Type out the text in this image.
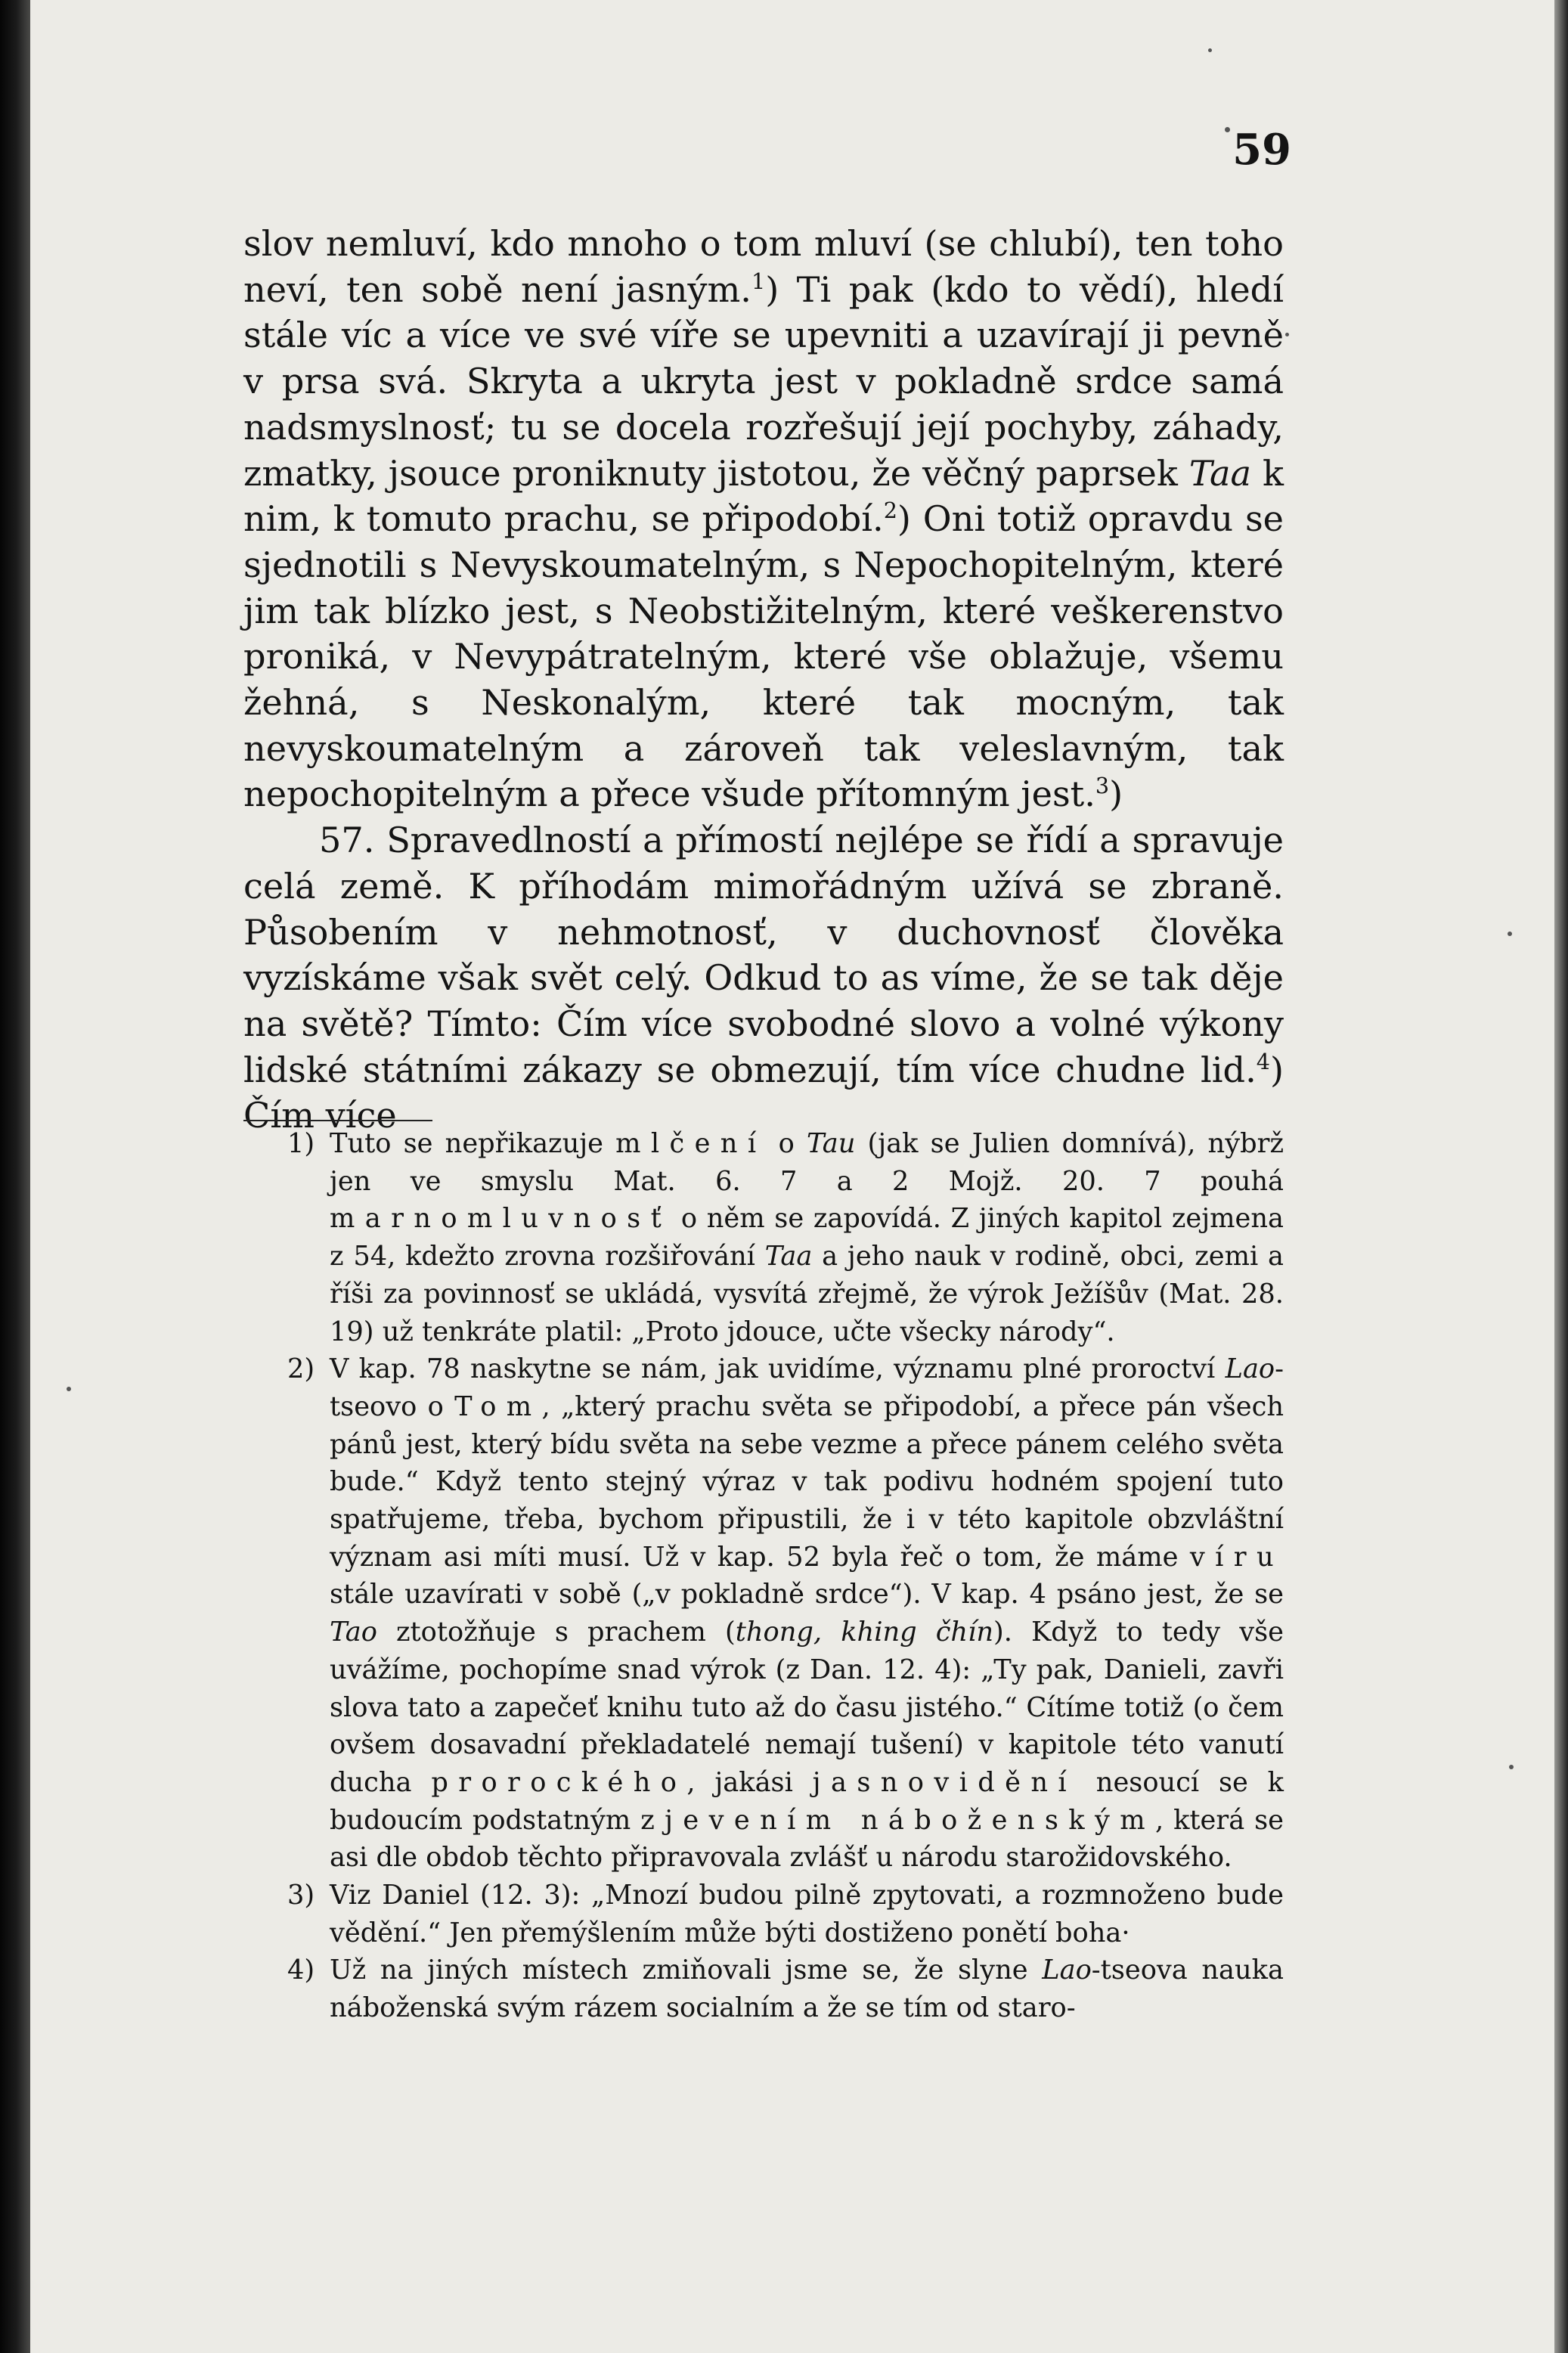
59

slov nemluví, kdo mnoho o tom mluví (se chlubí), ten toho neví, ten sobě není jasným.$^1$) Ti pak (kdo to vědí), hledí stále víc a více ve své víře se upevniti a uzavírají ji pevně v prsa svá. Skryta a ukryta jest v pokladně srdce samá nadsmyslnosť; tu se docela rozřešují její pochyby, záhady, zmatky, jsouce proniknuty jistotou, že věčný paprsek Taa k nim, k tomuto prachu, se připodobí.$^2$) Oni totiž opravdu se sjednotili s Nevyskoumatelným, s Nepochopitelným, které jim tak blízko jest, s Neobstižitelným, které veškerenstvo proniká, v Nevypátratelným, které vše oblažuje, všemu žehná, s Neskonalým, které tak mocným, tak nevyskoumatelným a zároveň tak veleslavným, tak nepochopitelným a přece všude přítomným jest.$^3$)

57. Spravedlností a přímostí nejlépe se řídí a spravuje celá země. K příhodám mimořádným užívá se zbraně. Působením v nehmotnosť, v duchovnosť člověka vyzískáme však svět celý. Odkud to as víme, že se tak děje na světě? Tímto: Čím více svobodné slovo a volné výkony lidské státními zákazy se obmezují, tím více chudne lid.$^4$) Čím více

1) Tuto se nepřikazuje mlčení o Tau (jak se Julien domnívá), nýbrž jen ve smyslu Mat. 6. 7 a 2 Mojž. 20. 7 pouhá marnomluvnosť o něm se zapovídá. Z jiných kapitol zejmena z 54, kdežto zrovna rozšiřování Taa a jeho nauk v rodině, obci, zemi a říši za povinnosť se ukládá, vysvítá zřejmě, že výrok Ježíšův (Mat. 28. 19) už tenkráte platil: „Proto jdouce, učte všecky národy“.

2) V kap. 78 naskytne se nám, jak uvidíme, významu plné proroctví Lao-tseovo o Tom, „který prachu světa se připodobí, a přece pán všech pánů jest, který bídu světa na sebe vezme a přece pánem celého světa bude.“ Když tento stejný výraz v tak podivu hodném spojení tuto spatřujeme, třeba, bychom připustili, že i v této kapitole obzvláštní význam asi míti musí. Už v kap. 52 byla řeč o tom, že máme víru stále uzavírati v sobě („v pokladně srdce“). V kap. 4 psáno jest, že se Tao ztotožňuje s prachem (thong, khing čhín). Když to tedy vše uvážíme, pochopíme snad výrok (z Dan. 12. 4): „Ty pak, Danieli, zavři slova tato a zapečeť knihu tuto až do času jistého.“ Cítíme totiž (o čem ovšem dosavadní překladatelé nemají tušení) v kapitole této vanutí ducha prorockého, jakási jasnovidění nesoucí se k budoucím podstatným zjevením náboženským, která se asi dle obdob těchto připravovala zvlášť u národu starožidovského.

3) Viz Daniel (12. 3): „Mnozí budou pilně zpytovati, a rozmnoženo bude vědění.“ Jen přemýšlením může býti dostiženo ponětí boha·

4) Už na jiných místech zmiňovali jsme se, že slyne Lao-tseova nauka náboženská svým rázem socialním a že se tím od staro-
